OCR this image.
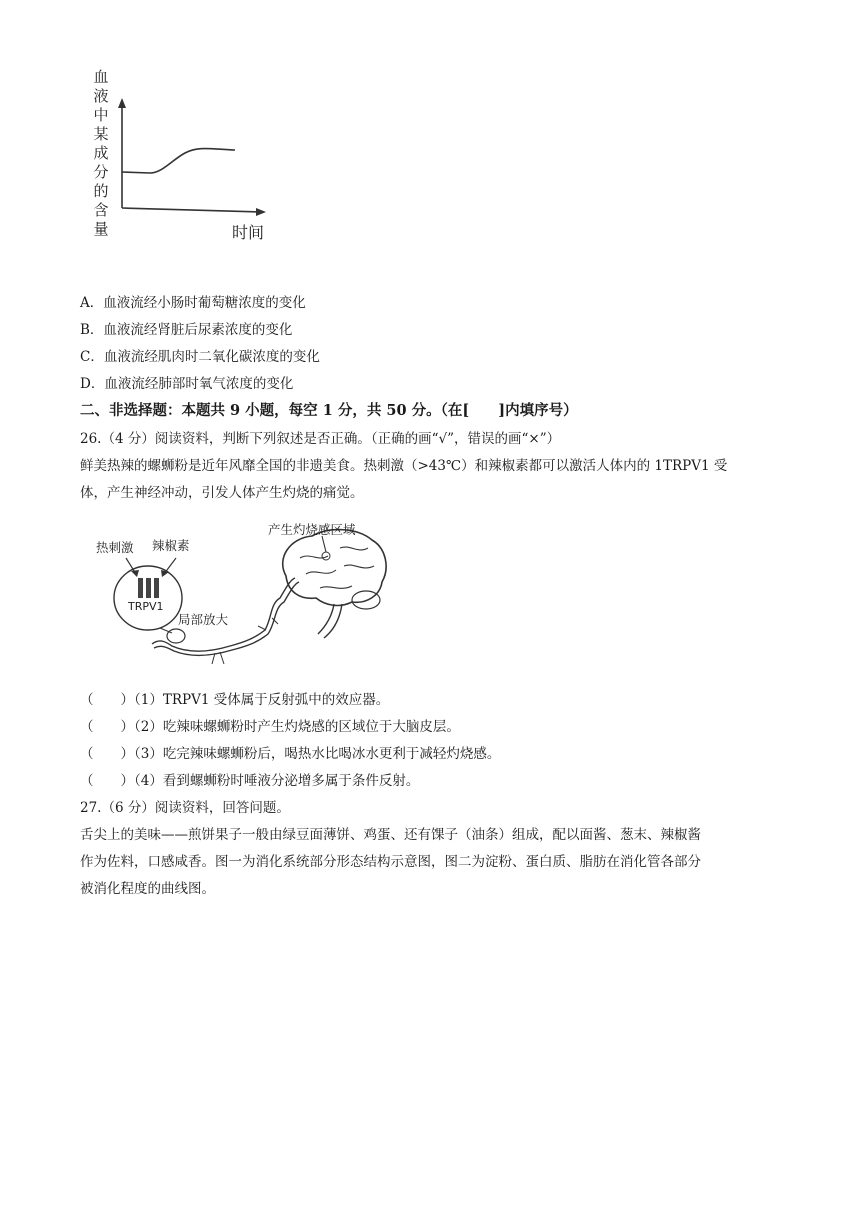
血
液
中
某
成
分
的
含
量	时间
A．血液流经小肠时葡萄糖浓度的变化
B．血液流经肾脏后尿素浓度的变化
C．血液流经肌肉时二氧化碳浓度的变化
D．血液流经肺部时氧气浓度的变化
二、非选择题：本题共 9 小题，每空 1 分，共 50 分。（在[　　]内填序号）
26.（4 分）阅读资料，判断下列叙述是否正确。（正确的画“√”，错误的画“×”）
鲜美热辣的螺蛳粉是近年风靡全国的非遗美食。热刺激（>43℃）和辣椒素都可以激活人体内的 1TRPV1 受
体，产生神经冲动，引发人体产生灼烧的痛觉。
热刺激 辣椒素
TRPV1
局部放大
产生灼烧感区域
（　　）（1）TRPV1 受体属于反射弧中的效应器。
（　　）（2）吃辣味螺蛳粉时产生灼烧感的区域位于大脑皮层。
（　　）（3）吃完辣味螺蛳粉后，喝热水比喝冰水更利于减轻灼烧感。
（　　）（4）看到螺蛳粉时唾液分泌增多属于条件反射。
27.（6 分）阅读资料，回答问题。
舌尖上的美味——煎饼果子一般由绿豆面薄饼、鸡蛋、还有馃子（油条）组成，配以面酱、葱末、辣椒酱
作为佐料，口感咸香。图一为消化系统部分形态结构示意图，图二为淀粉、蛋白质、脂肪在消化管各部分
被消化程度的曲线图。
